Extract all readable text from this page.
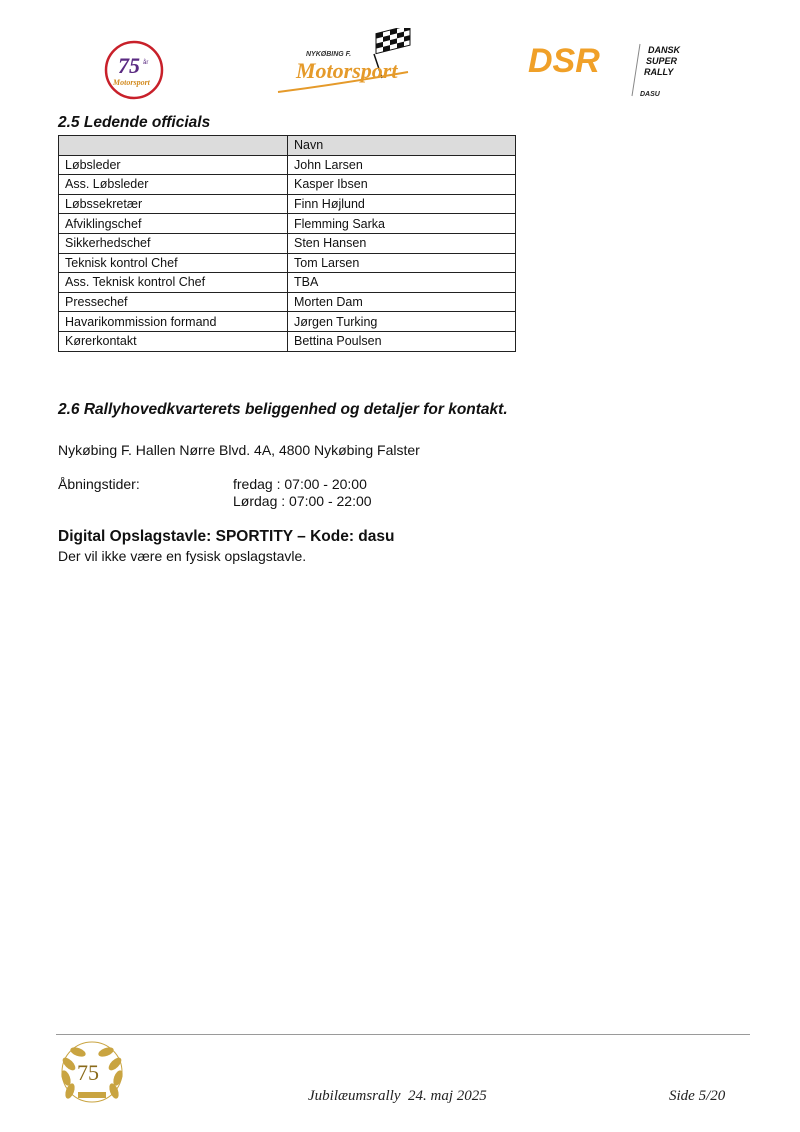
75 år
Motorsport
NYKØBING F.
Motorsport	DSR	DANSK
SUPER
RALLY
DASU
2.5 Ledende officials
	Navn
Løbsleder	John Larsen
Ass. Løbsleder	Kasper Ibsen
Løbssekretær	Finn Højlund
Afviklingschef	Flemming Sarka
Sikkerhedschef	Sten Hansen
Teknisk kontrol Chef	Tom Larsen
Ass. Teknisk kontrol Chef	TBA
Pressechef	Morten Dam
Havarikommission formand	Jørgen Turking
Kørerkontakt	Bettina Poulsen
2.6 Rallyhovedkvarterets beliggenhed og detaljer for kontakt.
Nykøbing F. Hallen Nørre Blvd. 4A, 4800 Nykøbing Falster
Åbningstider:	fredag : 07:00 - 20:00
Lørdag : 07:00 - 22:00
Digital Opslagstavle: SPORTITY – Kode: dasu
Der vil ikke være en fysisk opslagstavle.
75
Jubilæumsrally  24. maj 2025	Side 5/20
